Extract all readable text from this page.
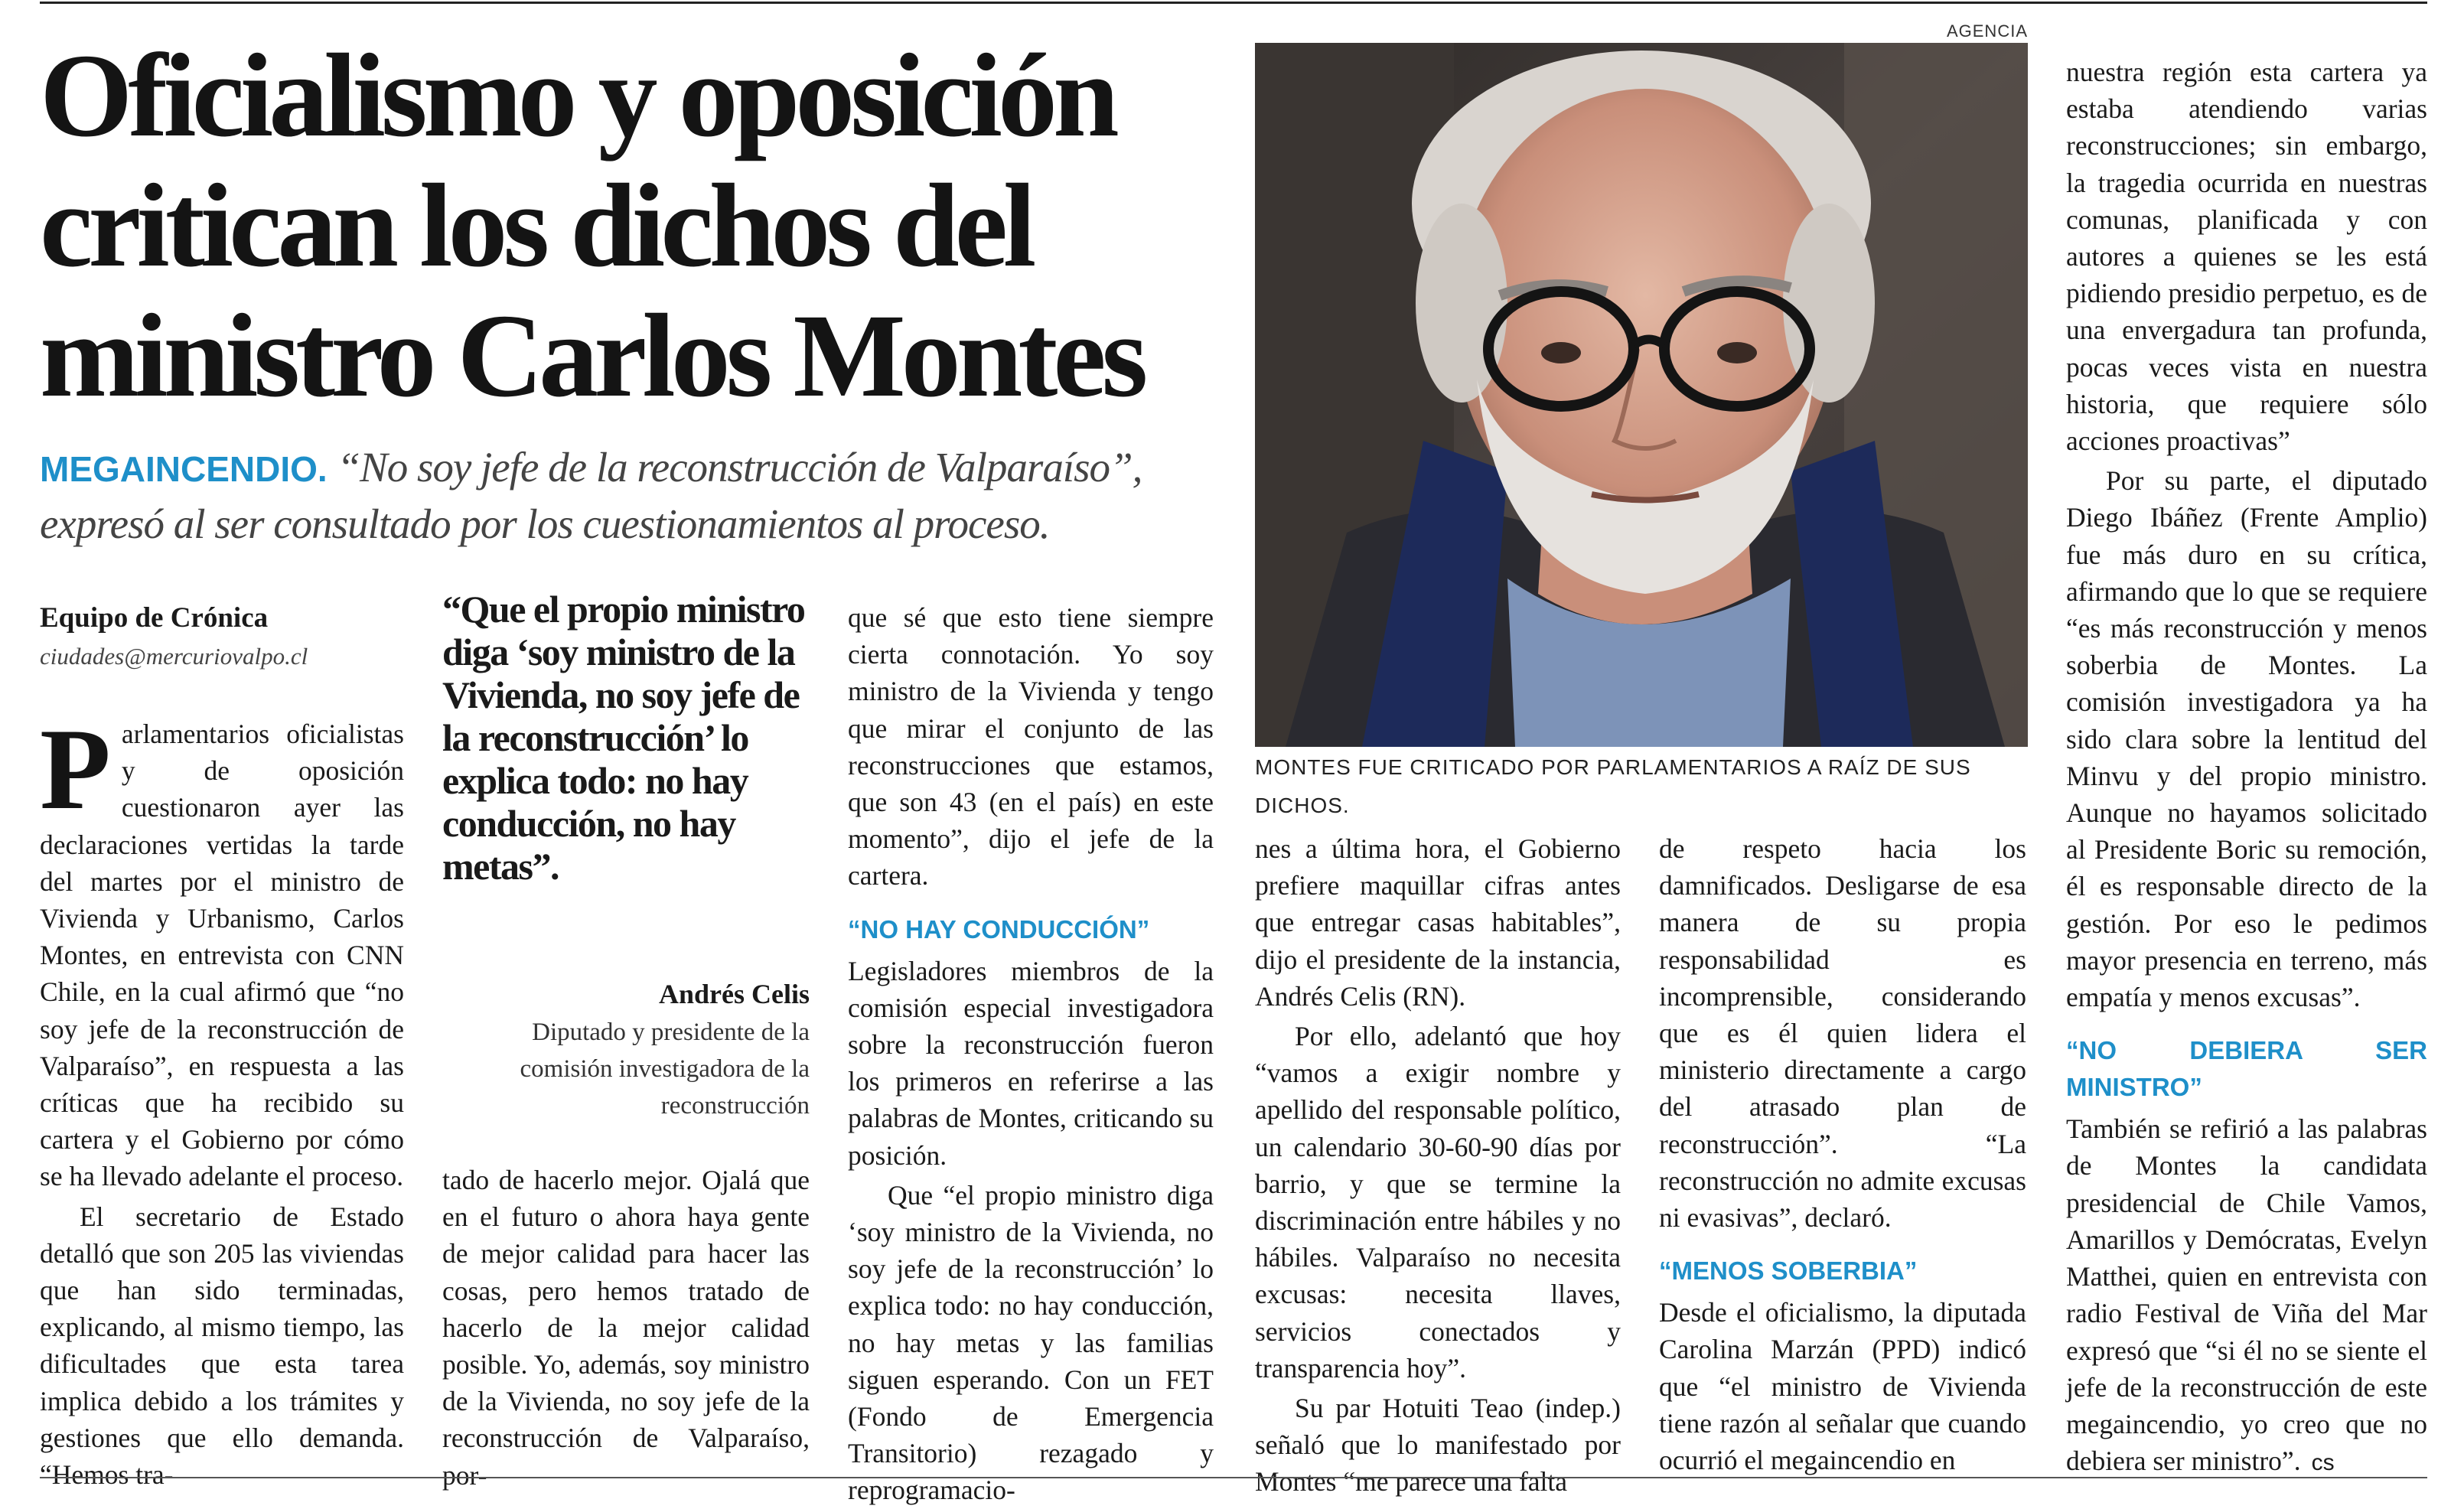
Oficialismo y oposición critican los dichos del ministro Carlos Montes

MEGAINCENDIO. “No soy jefe de la reconstrucción de Valparaíso”, expresó al ser consultado por los cuestionamientos al proceso.

Equipo de Crónica
ciudades@mercuriovalpo.cl
P arlamentarios oficialistas y de oposición cuestionaron ayer las declaraciones vertidas la tarde del martes por el ministro de Vivienda y Urbanismo, Carlos Montes, en entrevista con CNN Chile, en la cual afirmó que “no soy jefe de la reconstrucción de Valparaíso”, en respuesta a las críticas que ha recibido su cartera y el Gobierno por cómo se ha llevado adelante el proceso.

El secretario de Estado detalló que son 205 las viviendas que han sido terminadas, explicando, al mismo tiempo, las dificultades que esta tarea implica debido a los trámites y gestiones que ello demanda. “Hemos tra-

“Que el propio ministro diga ‘soy ministro de la Vivienda, no soy jefe de la reconstrucción’ lo explica todo: no hay conducción, no hay metas”.

Andrés Celis
Diputado y presidente de la comisión investigadora de la reconstrucción

tado de hacerlo mejor. Ojalá que en el futuro o ahora haya gente de mejor calidad para hacer las cosas, pero hemos tratado de hacerlo de la mejor calidad posible. Yo, además, soy ministro de la Vivienda, no soy jefe de la reconstrucción de Valparaíso, por-

que sé que esto tiene siempre cierta connotación. Yo soy ministro de la Vivienda y tengo que mirar el conjunto de las reconstrucciones que estamos, que son 43 (en el país) en este momento”, dijo el jefe de la cartera.

“NO HAY CONDUCCIÓN”

Legisladores miembros de la comisión especial investigadora sobre la reconstrucción fueron los primeros en referirse a las palabras de Montes, criticando su posición.

Que “el propio ministro diga ‘soy ministro de la Vivienda, no soy jefe de la reconstrucción’ lo explica todo: no hay conducción, no hay metas y las familias siguen esperando. Con un FET (Fondo de Emergencia Transitorio) rezagado y reprogramacio-

AGENCIA
MONTES FUE CRITICADO POR PARLAMENTARIOS A RAÍZ DE SUS DICHOS.

nes a última hora, el Gobierno prefiere maquillar cifras antes que entregar casas habitables”, dijo el presidente de la instancia, Andrés Celis (RN).

Por ello, adelantó que hoy “vamos a exigir nombre y apellido del responsable político, un calendario 30-60-90 días por barrio, y que se termine la discriminación entre hábiles y no hábiles. Valparaíso no necesita excusas: necesita llaves, servicios conectados y transparencia hoy”.

Su par Hotuiti Teao (indep.) señaló que lo manifestado por Montes “me parece una falta

de respeto hacia los damnificados. Desligarse de esa manera de su propia responsabilidad es incomprensible, considerando que es él quien lidera el ministerio directamente a cargo del atrasado plan de reconstrucción”. “La reconstrucción no admite excusas ni evasivas”, declaró.

“MENOS SOBERBIA”

Desde el oficialismo, la diputada Carolina Marzán (PPD) indicó que “el ministro de Vivienda tiene razón al señalar que cuando ocurrió el megaincendio en

nuestra región esta cartera ya estaba atendiendo varias reconstrucciones; sin embargo, la tragedia ocurrida en nuestras comunas, planificada y con autores a quienes se les está pidiendo presidio perpetuo, es de una envergadura tan profunda, pocas veces vista en nuestra historia, que requiere sólo acciones proactivas”

Por su parte, el diputado Diego Ibáñez (Frente Amplio) fue más duro en su crítica, afirmando que lo que se requiere “es más reconstrucción y menos soberbia de Montes. La comisión investigadora ya ha sido clara sobre la lentitud del Minvu y del propio ministro. Aunque no hayamos solicitado al Presidente Boric su remoción, él es responsable directo de la gestión. Por eso le pedimos mayor presencia en terreno, más empatía y menos excusas”.

“NO DEBIERA SER MINISTRO”

También se refirió a las palabras de Montes la candidata presidencial de Chile Vamos, Amarillos y Demócratas, Evelyn Matthei, quien en entrevista con radio Festival de Viña del Mar expresó que “si él no se siente el jefe de la reconstrucción de este megaincendio, yo creo que no debiera ser ministro”. cs
